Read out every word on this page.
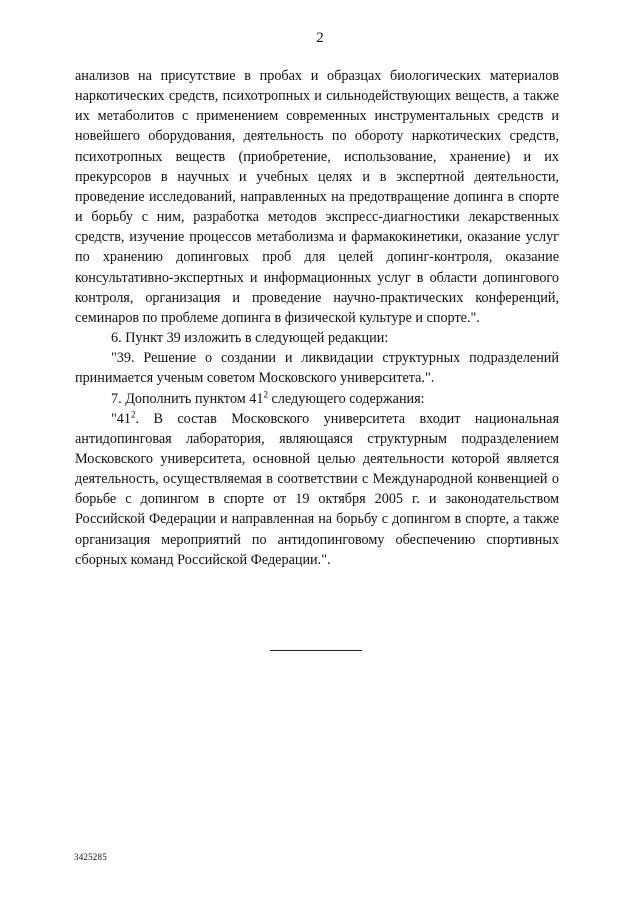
2

анализов на присутствие в пробах и образцах биологических материалов наркотических средств, психотропных и сильнодействующих веществ, а также их метаболитов с применением современных инструментальных средств и новейшего оборудования, деятельность по обороту наркотических средств, психотропных веществ (приобретение, использование, хранение) и их прекурсоров в научных и учебных целях и в экспертной деятельности, проведение исследований, направленных на предотвращение допинга в спорте и борьбу с ним, разработка методов экспресс-диагностики лекарственных средств, изучение процессов метаболизма и фармакокинетики, оказание услуг по хранению допинговых проб для целей допинг-контроля, оказание консультативно-экспертных и информационных услуг в области допингового контроля, организация и проведение научно-практических конференций, семинаров по проблеме допинга в физической культуре и спорте.".

6. Пункт 39 изложить в следующей редакции:

"39. Решение о создании и ликвидации структурных подразделений принимается ученым советом Московского университета.".

7. Дополнить пунктом $41^2$ следующего содержания:

"$41^2$. В состав Московского университета входит национальная антидопинговая лаборатория, являющаяся структурным подразделением Московского университета, основной целью деятельности которой является деятельность, осуществляемая в соответствии с Международной конвенцией о борьбе с допингом в спорте от 19 октября 2005 г. и законодательством Российской Федерации и направленная на борьбу с допингом в спорте, а также организация мероприятий по антидопинговому обеспечению спортивных сборных команд Российской Федерации.".

3425285
